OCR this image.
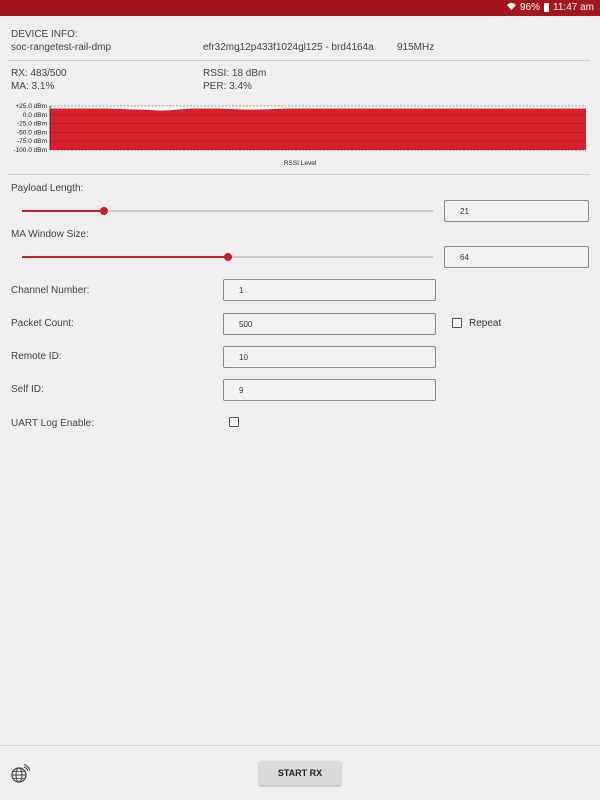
96% 11:47 am
DEVICE INFO:
soc-rangetest-rail-dmp	efr32mg12p433f1024gl125 - brd4164a 915MHz
RX: 483/500	RSSI: 18 dBm
MA: 3.1%	PER: 3.4%
+25.0 dBm
0.0 dBm
-25.0 dBm
-50.0 dBm
-75.0 dBm
-100.0 dBm
RSSI Level
Payload Length:
21
MA Window Size:
64
Channel Number:	1
Packet Count:	500	Repeat
Remote ID:	10
Self ID:	9
UART Log Enable:
START RX
